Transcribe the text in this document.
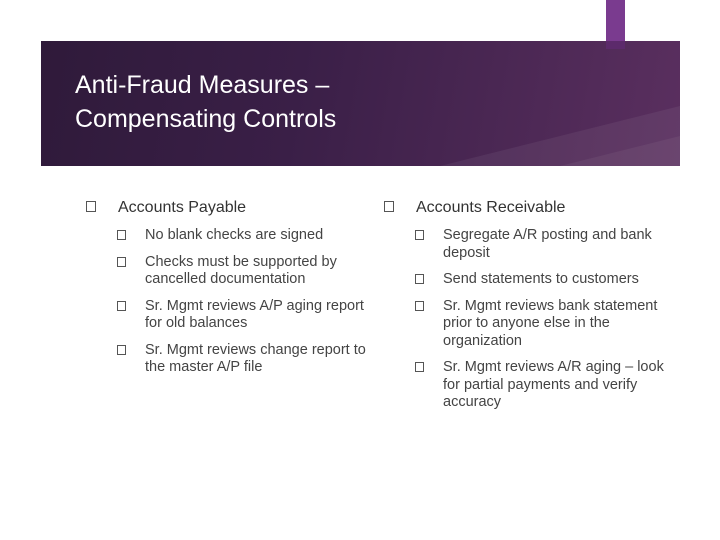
Anti-Fraud Measures –
Compensating Controls
Accounts Payable
No blank checks are signed
Checks must be supported by cancelled documentation
Sr. Mgmt reviews A/P aging report for old balances
Sr. Mgmt reviews change report to the master A/P file
Accounts Receivable
Segregate A/R posting and bank deposit
Send statements to customers
Sr. Mgmt reviews bank statement prior to anyone else in the organization
Sr. Mgmt reviews A/R aging – look for partial payments and verify accuracy
